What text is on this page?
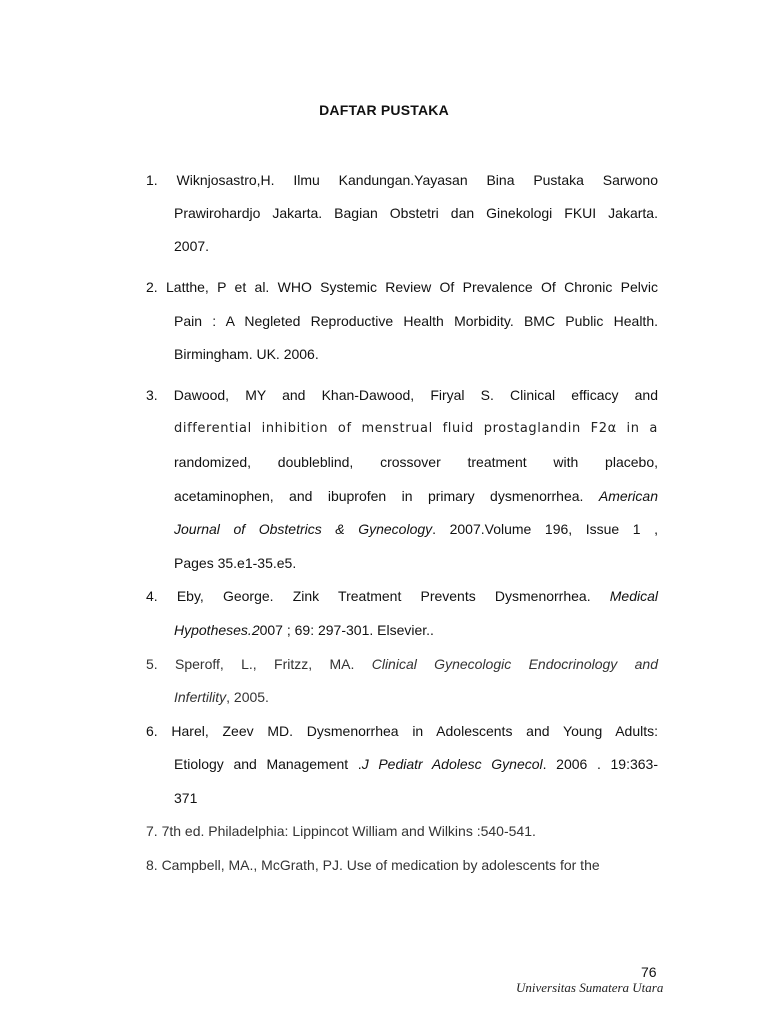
DAFTAR PUSTAKA
1. Wiknjosastro,H. Ilmu Kandungan.Yayasan Bina Pustaka Sarwono
Prawirohardjo Jakarta. Bagian Obstetri dan Ginekologi FKUI Jakarta.
2007.
2. Latthe, P et al. WHO Systemic Review Of Prevalence Of Chronic Pelvic
Pain : A Negleted Reproductive Health Morbidity. BMC Public Health.
Birmingham. UK. 2006.
3. Dawood, MY and Khan-Dawood, Firyal S. Clinical efficacy and
differential inhibition of menstrual fluid prostaglandin F2α in a
randomized, doubleblind, crossover treatment with placebo,
acetaminophen, and ibuprofen in primary dysmenorrhea. American
Journal of Obstetrics & Gynecology. 2007.Volume 196, Issue 1 ,
Pages 35.e1-35.e5.
4. Eby, George. Zink Treatment Prevents Dysmenorrhea. Medical
Hypotheses.2007 ; 69: 297-301. Elsevier..
5. Speroff, L., Fritzz, MA. Clinical Gynecologic Endocrinology and
Infertility, 2005.
6. Harel, Zeev MD. Dysmenorrhea in Adolescents and Young Adults:
Etiology and Management .J Pediatr Adolesc Gynecol. 2006 . 19:363-
371
7. 7th ed. Philadelphia: Lippincot William and Wilkins :540-541.
8. Campbell, MA., McGrath, PJ. Use of medication by adolescents for the
76
Universitas Sumatera Utara
